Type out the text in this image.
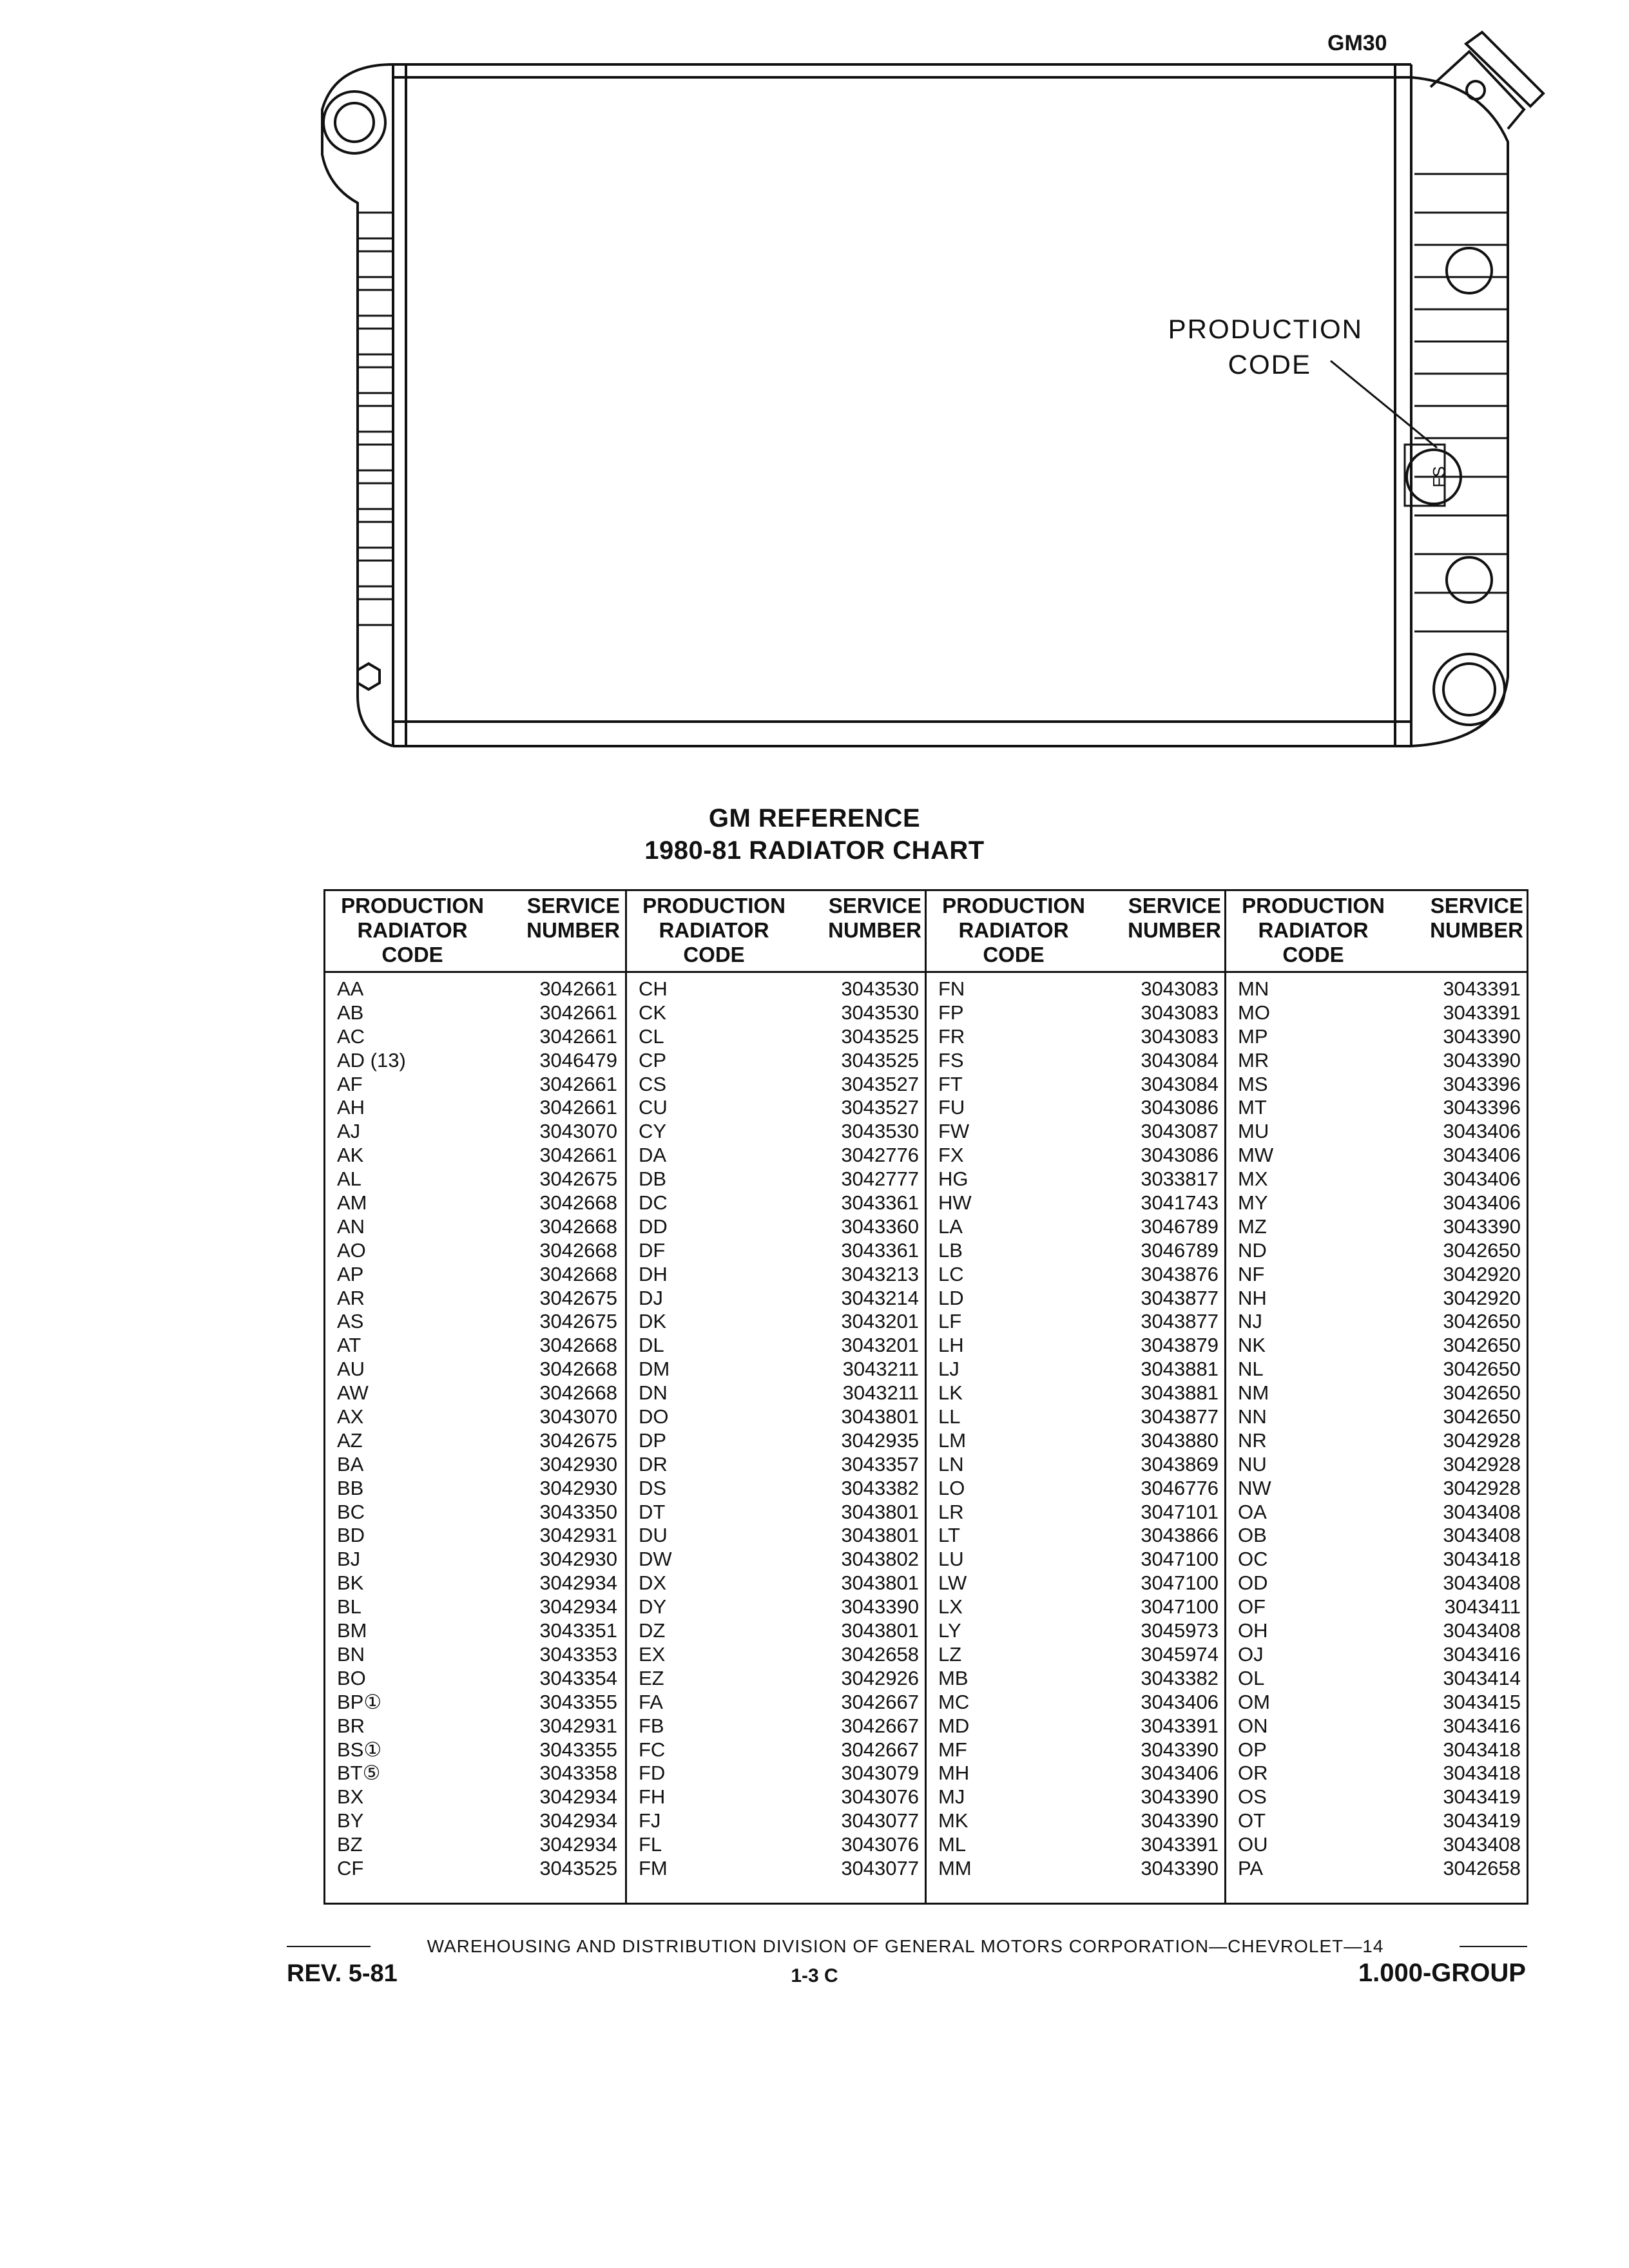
GM30
PRODUCTION
CODE
FS
GM REFERENCE
1980-81 RADIATOR CHART
PRODUCTION
RADIATOR
CODE
SERVICE
NUMBER
AA	3042661
AB	3042661
AC	3042661
AD (13)	3046479
AF	3042661
AH	3042661
AJ	3043070
AK	3042661
AL	3042675
AM	3042668
AN	3042668
AO	3042668
AP	3042668
AR	3042675
AS	3042675
AT	3042668
AU	3042668
AW	3042668
AX	3043070
AZ	3042675
BA	3042930
BB	3042930
BC	3043350
BD	3042931
BJ	3042930
BK	3042934
BL	3042934
BM	3043351
BN	3043353
BO	3043354
BP①	3043355
BR	3042931
BS①	3043355
BT⑤	3043358
BX	3042934
BY	3042934
BZ	3042934
CF	3043525
PRODUCTION
RADIATOR
CODE
SERVICE
NUMBER
CH	3043530
CK	3043530
CL	3043525
CP	3043525
CS	3043527
CU	3043527
CY	3043530
DA	3042776
DB	3042777
DC	3043361
DD	3043360
DF	3043361
DH	3043213
DJ	3043214
DK	3043201
DL	3043201
DM	3043211
DN	3043211
DO	3043801
DP	3042935
DR	3043357
DS	3043382
DT	3043801
DU	3043801
DW	3043802
DX	3043801
DY	3043390
DZ	3043801
EX	3042658
EZ	3042926
FA	3042667
FB	3042667
FC	3042667
FD	3043079
FH	3043076
FJ	3043077
FL	3043076
FM	3043077
PRODUCTION
RADIATOR
CODE
SERVICE
NUMBER
FN	3043083
FP	3043083
FR	3043083
FS	3043084
FT	3043084
FU	3043086
FW	3043087
FX	3043086
HG	3033817
HW	3041743
LA	3046789
LB	3046789
LC	3043876
LD	3043877
LF	3043877
LH	3043879
LJ	3043881
LK	3043881
LL	3043877
LM	3043880
LN	3043869
LO	3046776
LR	3047101
LT	3043866
LU	3047100
LW	3047100
LX	3047100
LY	3045973
LZ	3045974
MB	3043382
MC	3043406
MD	3043391
MF	3043390
MH	3043406
MJ	3043390
MK	3043390
ML	3043391
MM	3043390
PRODUCTION
RADIATOR
CODE
SERVICE
NUMBER
MN	3043391
MO	3043391
MP	3043390
MR	3043390
MS	3043396
MT	3043396
MU	3043406
MW	3043406
MX	3043406
MY	3043406
MZ	3043390
ND	3042650
NF	3042920
NH	3042920
NJ	3042650
NK	3042650
NL	3042650
NM	3042650
NN	3042650
NR	3042928
NU	3042928
NW	3042928
OA	3043408
OB	3043408
OC	3043418
OD	3043408
OF	3043411
OH	3043408
OJ	3043416
OL	3043414
OM	3043415
ON	3043416
OP	3043418
OR	3043418
OS	3043419
OT	3043419
OU	3043408
PA	3042658
WAREHOUSING AND DISTRIBUTION DIVISION OF GENERAL MOTORS CORPORATION—CHEVROLET—14
REV. 5-81	1-3 C	1.000-GROUP
